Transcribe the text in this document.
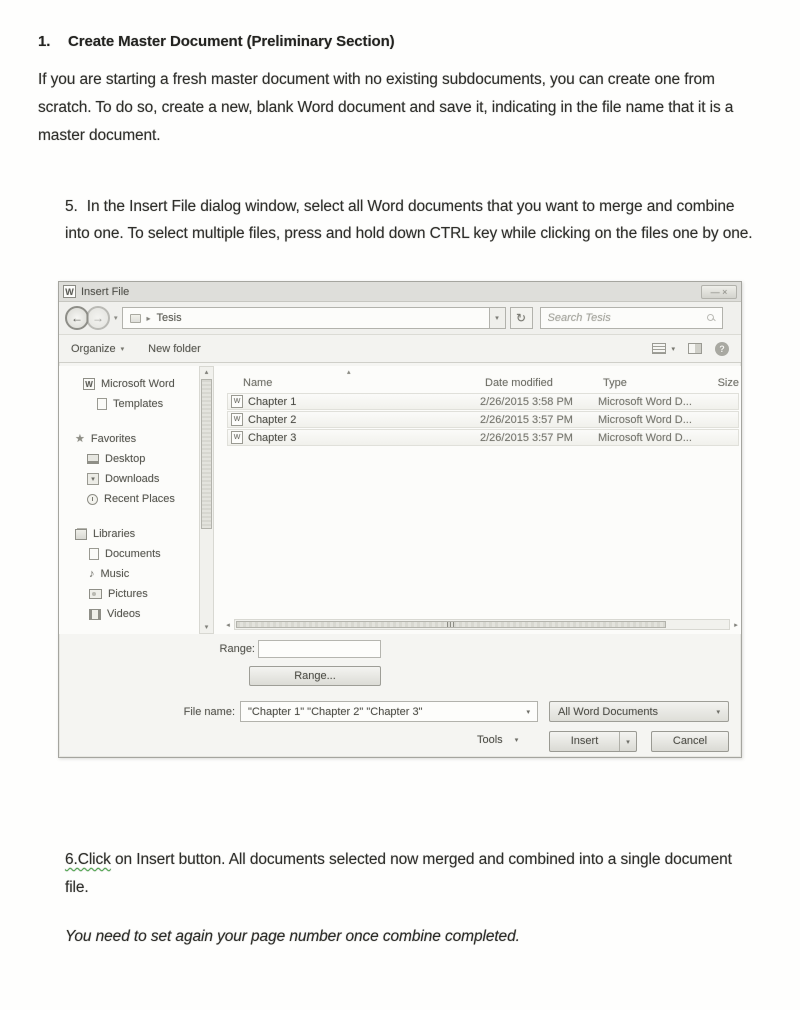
1. Create Master Document (Preliminary Section)

If you are starting a fresh master document with no existing subdocuments, you can create one from scratch. To do so, create a new, blank Word document and save it, indicating in the file name that it is a master document.

5. In the Insert File dialog window, select all Word documents that you want to merge and combine into one. To select multiple files, press and hold down CTRL key while clicking on the files one by one.
W Insert File	— ×
← →	▾	▸ Tesis	▾	↻
Search Tesis
Organize ▾ New folder	▾	?
W Microsoft Word
Templates
★ Favorites
Desktop
▾ Downloads
Recent Places
Libraries
Documents
♪ Music
Pictures
Videos
▴
▾
▴
Name	Date modified	Type	Size
W Chapter 1	2/26/2015 3:58 PM	Microsoft Word D...
W Chapter 2	2/26/2015 3:57 PM	Microsoft Word D...
W Chapter 3	2/26/2015 3:57 PM	Microsoft Word D...
◂	▸
Range:
Range...
File name: "Chapter 1" "Chapter 2" "Chapter 3"	▾	All Word Documents	▾
Tools ▾	Insert	▾	Cancel

6.Click on Insert button. All documents selected now merged and combined into a single document file.

You need to set again your page number once combine completed.
